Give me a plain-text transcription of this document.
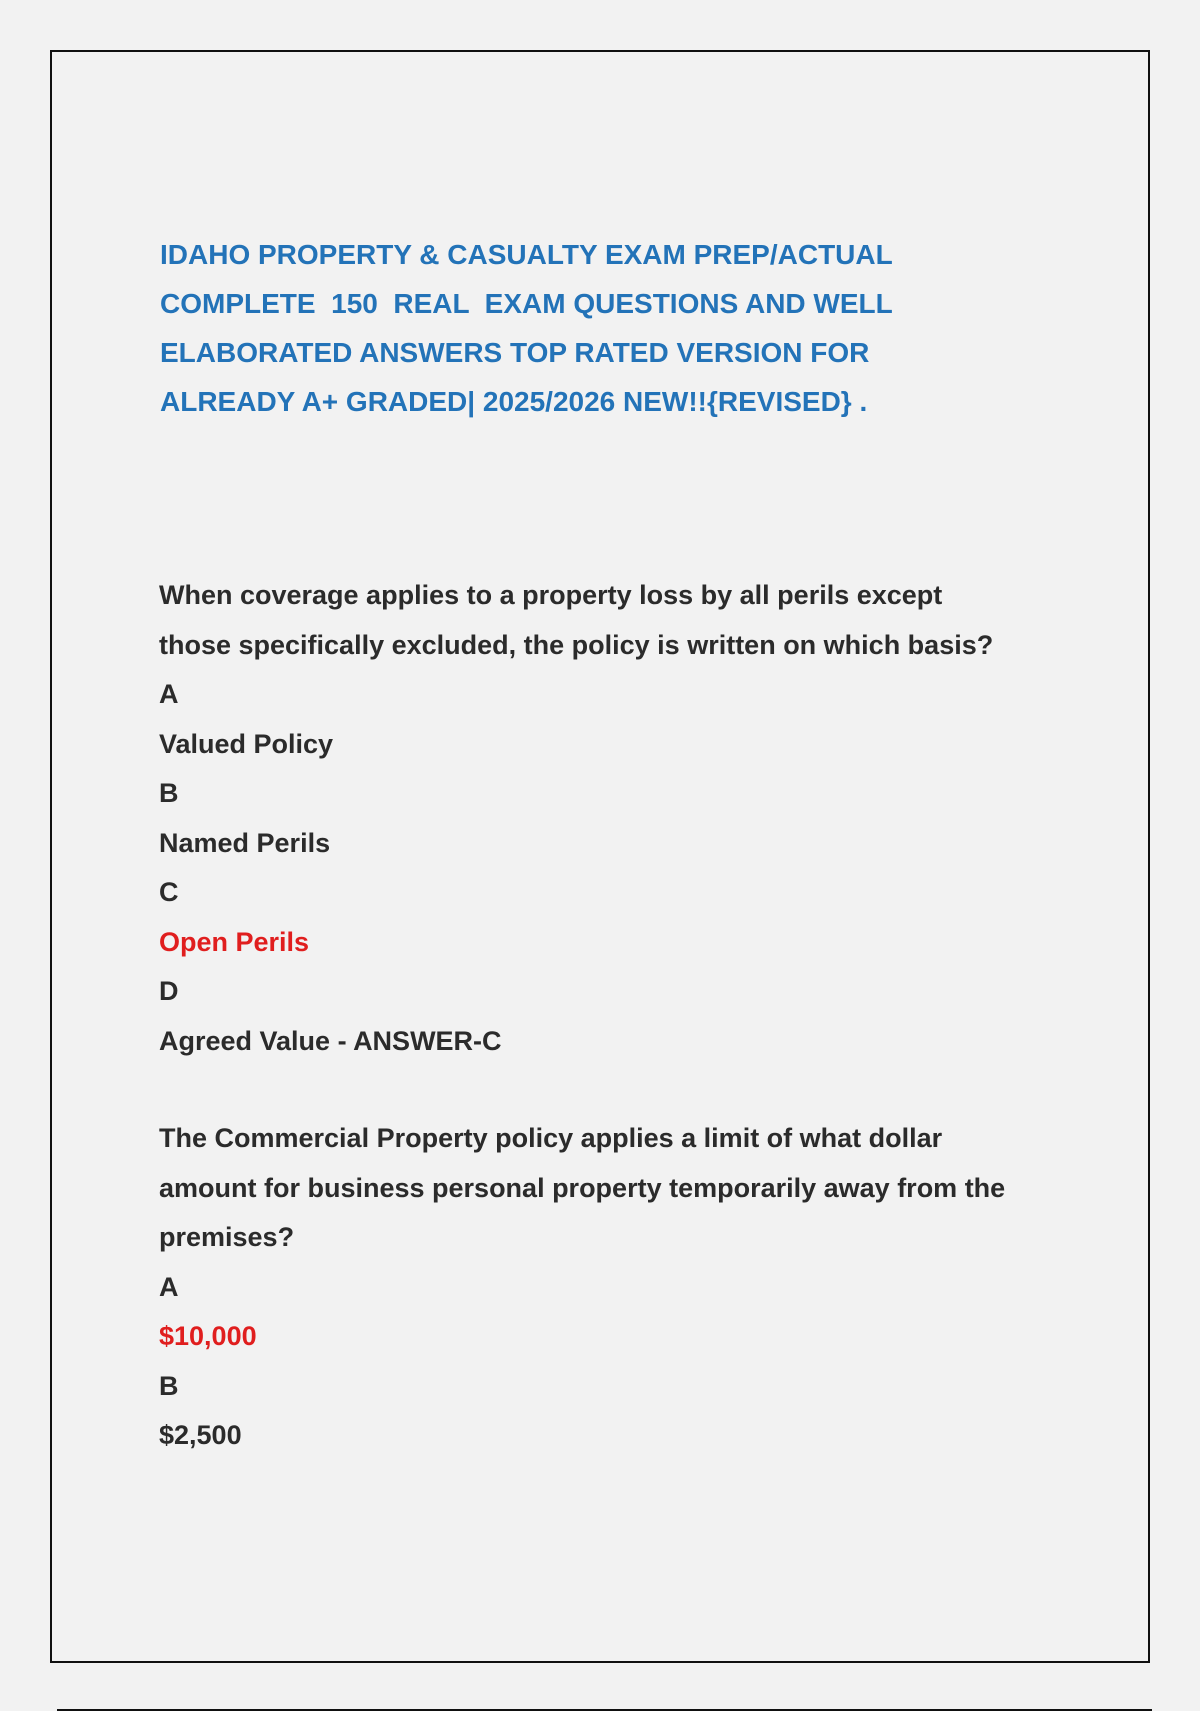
IDAHO PROPERTY & CASUALTY EXAM PREP/ACTUAL
COMPLETE  150  REAL  EXAM QUESTIONS AND WELL
ELABORATED ANSWERS TOP RATED VERSION FOR
ALREADY A+ GRADED| 2025/2026 NEW!!{REVISED} .
When coverage applies to a property loss by all perils except
those specifically excluded, the policy is written on which basis?
A
Valued Policy
B
Named Perils
C
Open Perils
D
Agreed Value - ANSWER-C
The Commercial Property policy applies a limit of what dollar
amount for business personal property temporarily away from the
premises?
A
$10,000
B
$2,500
